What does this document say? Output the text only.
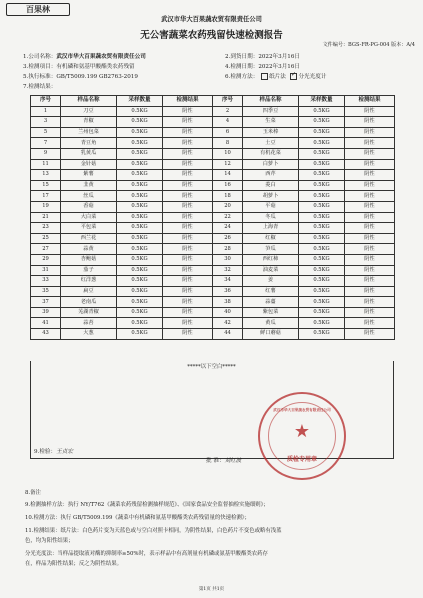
百果林
武汉市华大百果蔬农贸有限责任公司
无公害蔬菜农药残留快速检测报告
文件编号：BGS-FR-PG-004 版本：A/4
1.公司名称：武汉市华大百果蔬农贸有限责任公司	2.到货日期：2022年3月16日
3.检测项目：有机磷和氨基甲酸酯类农药残留	4.检测日期：2022年3月16日
5.执行标准：GB/T5009.199 GB2763-2019	6.检测方法： 纸片法 ✓ 分光光度计
7.检测结果：
序号	样品名称	采样数量	检测结果	序号	样品名称	采样数量	检测结果
1	刀豆	0.5KG	阴性	2	四季豆	0.5KG	阴性
3	青椒	0.5KG	阴性	4	生菜	0.5KG	阴性
5	兰州包菜	0.5KG	阴性	6	玉米棒	0.5KG	阴性
7	青豆角	0.5KG	阴性	8	土豆	0.5KG	阴性
9	乳黄瓜	0.5KG	阴性	10	有机花菜	0.5KG	阴性
11	金针菇	0.5KG	阴性	12	白萝卜	0.5KG	阴性
13	紫薯	0.5KG	阴性	14	西芹	0.5KG	阴性
15	韭黄	0.5KG	阴性	16	菱白	0.5KG	阴性
17	丝瓜	0.5KG	阴性	18	胡萝卜	0.5KG	阴性
19	香菇	0.5KG	阴性	20	平菇	0.5KG	阴性
21	大白菜	0.5KG	阴性	22	冬瓜	0.5KG	阴性
23	平包菜	0.5KG	阴性	24	上海青	0.5KG	阴性
25	西兰花	0.5KG	阴性	26	红椒	0.5KG	阴性
27	蒜黄	0.5KG	阴性	28	笋瓜	0.5KG	阴性
29	杏鲍菇	0.5KG	阴性	30	西红柿	0.5KG	阴性
31	茄子	0.5KG	阴性	32	油麦菜	0.5KG	阴性
33	红洋葱	0.5KG	阴性	34	姜	0.5KG	阴性
35	扁豆	0.5KG	阴性	36	红薯	0.5KG	阴性
37	老南瓜	0.5KG	阴性	38	蒜薹	0.5KG	阴性
39	芜湖青椒	0.5KG	阴性	40	紫包菜	0.5KG	阴性
41	蒜苔	0.5KG	阴性	42	黄瓜	0.5KG	阴性
43	大葱	0.5KG	阴性	44	鲜口蘑菇	0.5KG	阴性
*****以下空白*****
武汉市华大百果蔬农贸有限责任公司
★
质检专用章
9.检验：王贞宏
批 准：刘红波
8.备注
9.检测抽样方法：执行 NY/T762《蔬菜农药残留检测抽样规范》、《国家食品安全监督抽检实施细则》；
10.检测方法：执行 GB/T5009.199《蔬菜中有机磷和氨基甲酸酯类农药残留量的快速检测》；
11.检测结果：纸片法：白色药片变为天蓝色或与空白对照卡相同，为阴性结果，白色药片不变色或略有浅蓝
色，均为阳性结果；
分光光度法：当样品提取液对酶的抑制率≥50%时，表示样品中有高剂量有机磷或氨基甲酸酯类农药存
在，样品为阳性结果；反之为阴性结果。
第1页 共1页
